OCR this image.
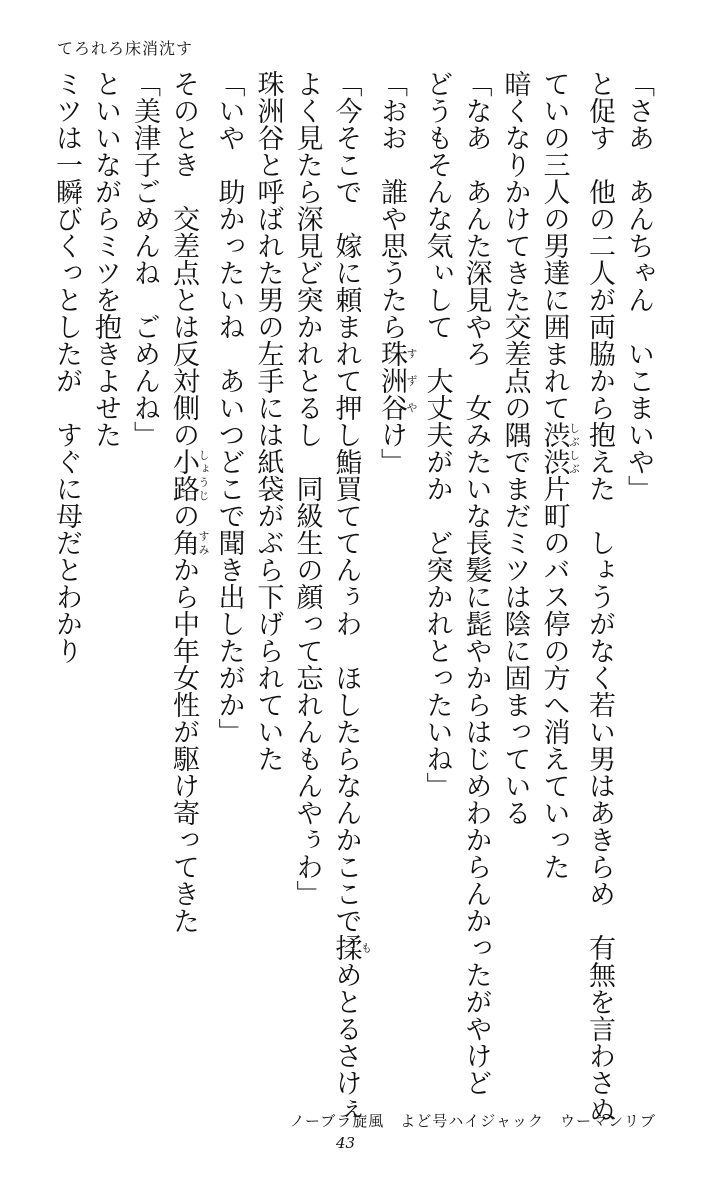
てろれろ床消沈す
「さあ　あんちゃん　いこまいや」
と促す　他の二人が両脇から抱えた　しょうがなく若い男はあきらめ　有無を言わさぬ
ていの三人の男達に囲まれて渋渋しぶしぶ片町のバス停の方へ消えていった
暗くなりかけてきた交差点の隅でまだミツは陰に固まっている
「なあ　あんた深見やろ　女みたいな長髪に髭やからはじめわからんかったがやけど
どうもそんな気ぃして　大丈夫がか　ど突かれとったいね」
「おお　誰や思うたら珠洲谷すずやけ」
「今そこで　嫁に頼まれて押し鮨買ててんぅわ　ほしたらなんかここで揉もめとるさけぇ
よく見たら深見ど突かれとるし　同級生の顔って忘れんもんやぅわ」
珠洲谷と呼ばれた男の左手には紙袋がぶら下げられていた
「いや　助かったいね　あいつどこで聞き出したがか」
そのとき　交差点とは反対側の小路しょうじの角すみから中年女性が駆け寄ってきた
「美津子ごめんね　ごめんね」
といいながらミツを抱きよせた
ミツは一瞬びくっとしたが　すぐに母だとわかり
ノーブラ旋風　よど号ハイジャック　ウーマンリブ
43
